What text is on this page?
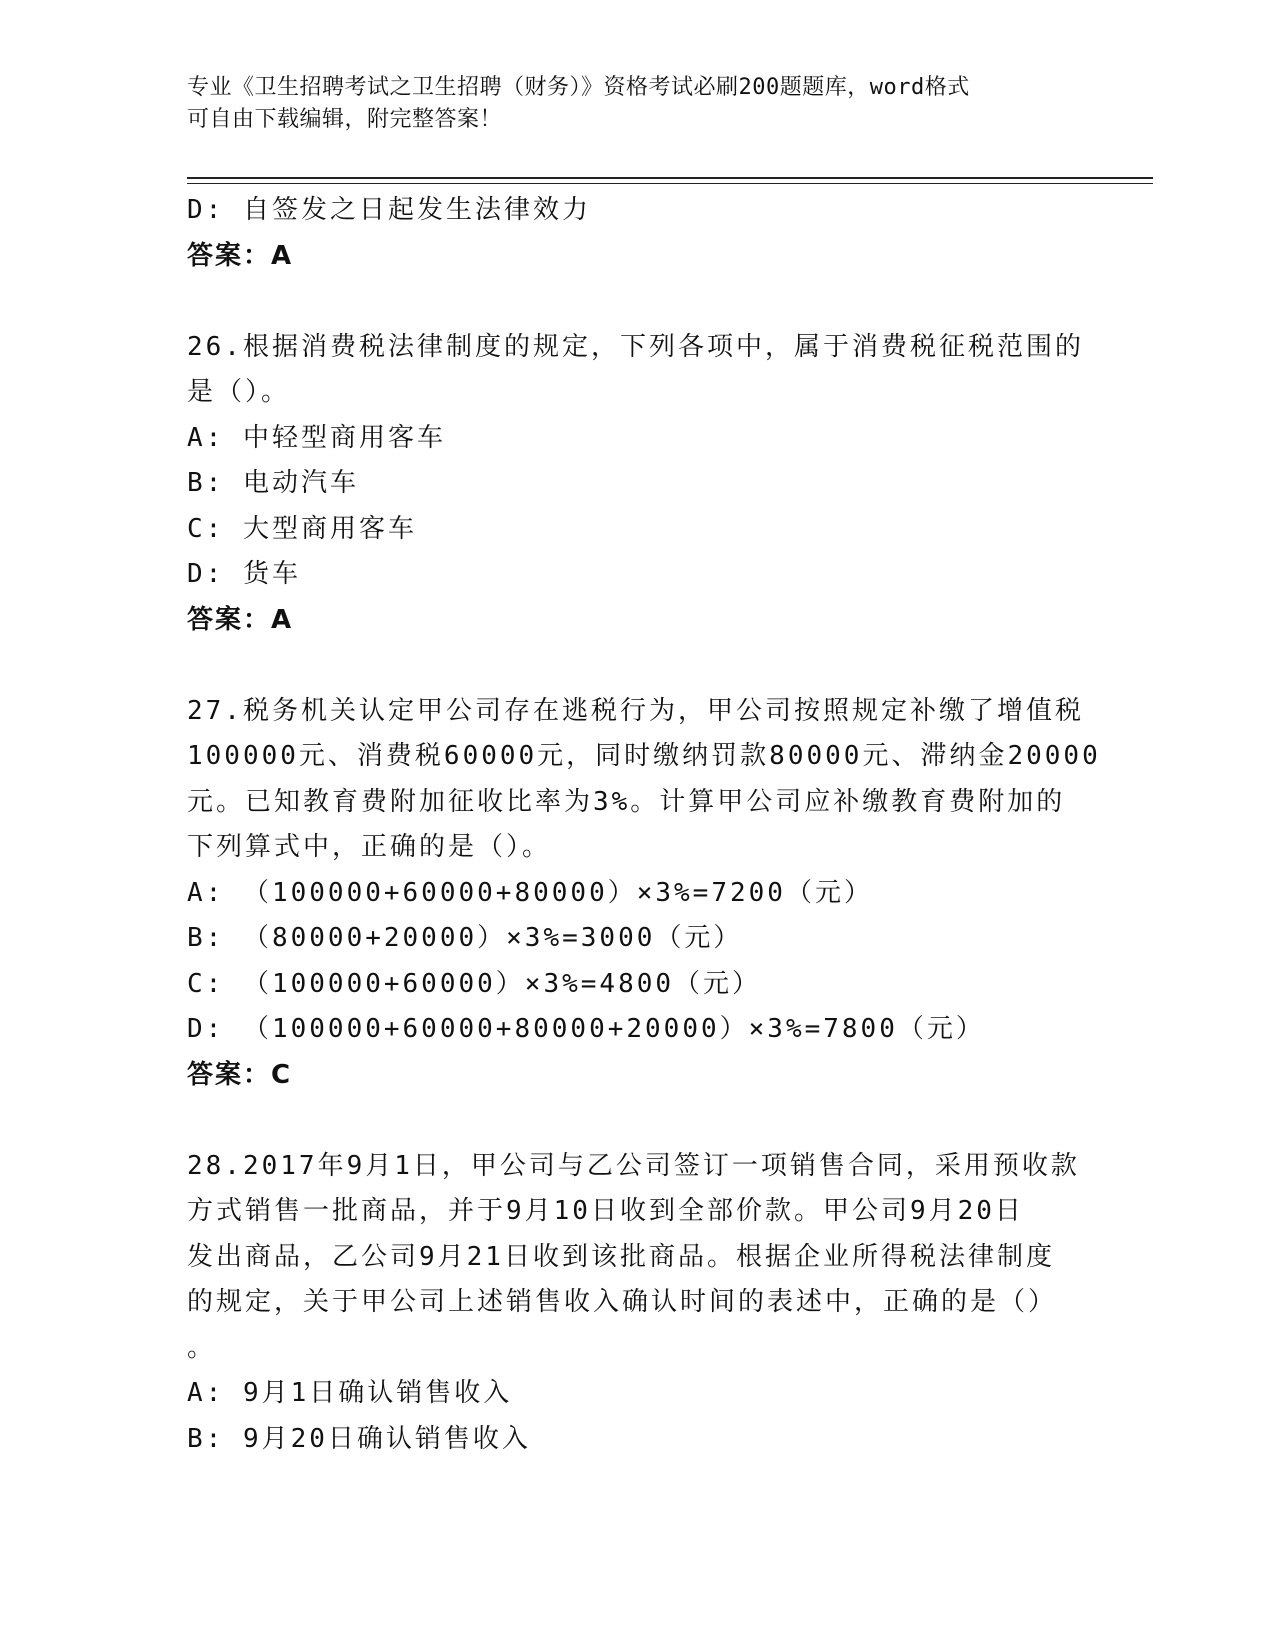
专业《卫生招聘考试之卫生招聘（财务）》资格考试必刷200题题库，word格式
可自由下载编辑，附完整答案！
D: 自签发之日起发生法律效力
答案：A
26.根据消费税法律制度的规定，下列各项中，属于消费税征税范围的
是（）。
A: 中轻型商用客车
B: 电动汽车
C: 大型商用客车
D: 货车
答案：A
27.税务机关认定甲公司存在逃税行为，甲公司按照规定补缴了增值税
100000元、消费税60000元，同时缴纳罚款80000元、滞纳金20000
元。已知教育费附加征收比率为3%。计算甲公司应补缴教育费附加的
下列算式中，正确的是（）。
A: （100000+60000+80000）×3%=7200（元）
B: （80000+20000）×3%=3000（元）
C: （100000+60000）×3%=4800（元）
D: （100000+60000+80000+20000）×3%=7800（元）
答案：C
28.2017年9月1日，甲公司与乙公司签订一项销售合同，采用预收款
方式销售一批商品，并于9月10日收到全部价款。甲公司9月20日
发出商品，乙公司9月21日收到该批商品。根据企业所得税法律制度
的规定，关于甲公司上述销售收入确认时间的表述中，正确的是（）
。
A: 9月1日确认销售收入
B: 9月20日确认销售收入
